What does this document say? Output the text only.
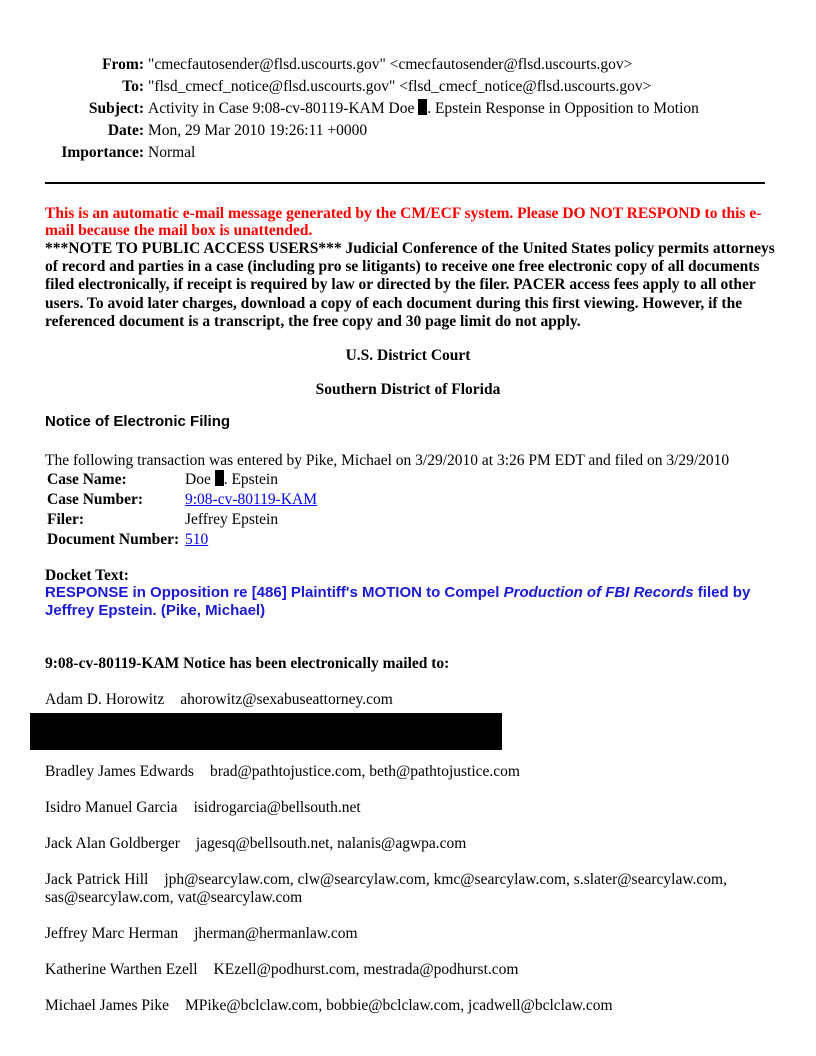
From: "cmecfautosender@flsd.uscourts.gov" <cmecfautosender@flsd.uscourts.gov>
To: "flsd_cmecf_notice@flsd.uscourts.gov" <flsd_cmecf_notice@flsd.uscourts.gov>
Subject: Activity in Case 9:08-cv-80119-KAM Doe . Epstein Response in Opposition to Motion
Date: Mon, 29 Mar 2010 19:26:11 +0000
Importance: Normal
This is an automatic e-mail message generated by the CM/ECF system. Please DO NOT RESPOND to this e-mail because the mail box is unattended.
***NOTE TO PUBLIC ACCESS USERS*** Judicial Conference of the United States policy permits attorneys of record and parties in a case (including pro se litigants) to receive one free electronic copy of all documents filed electronically, if receipt is required by law or directed by the filer. PACER access fees apply to all other users. To avoid later charges, download a copy of each document during this first viewing. However, if the referenced document is a transcript, the free copy and 30 page limit do not apply.
U.S. District Court
Southern District of Florida
Notice of Electronic Filing
The following transaction was entered by Pike, Michael on 3/29/2010 at 3:26 PM EDT and filed on 3/29/2010
Case Name:	Doe . Epstein
Case Number:	9:08-cv-80119-KAM
Filer:	Jeffrey Epstein
Document Number: 510
Docket Text:
RESPONSE in Opposition re [486] Plaintiff's MOTION to Compel Production of FBI Records filed by Jeffrey Epstein. (Pike, Michael)
9:08-cv-80119-KAM Notice has been electronically mailed to:
Adam D. Horowitz ahorowitz@sexabuseattorney.com
Bradley James Edwards brad@pathtojustice.com, beth@pathtojustice.com
Isidro Manuel Garcia isidrogarcia@bellsouth.net
Jack Alan Goldberger jagesq@bellsouth.net, nalanis@agwpa.com
Jack Patrick Hill jph@searcylaw.com, clw@searcylaw.com, kmc@searcylaw.com, s.slater@searcylaw.com, sas@searcylaw.com, vat@searcylaw.com
Jeffrey Marc Herman jherman@hermanlaw.com
Katherine Warthen Ezell KEzell@podhurst.com, mestrada@podhurst.com
Michael James Pike MPike@bclclaw.com, bobbie@bclclaw.com, jcadwell@bclclaw.com
